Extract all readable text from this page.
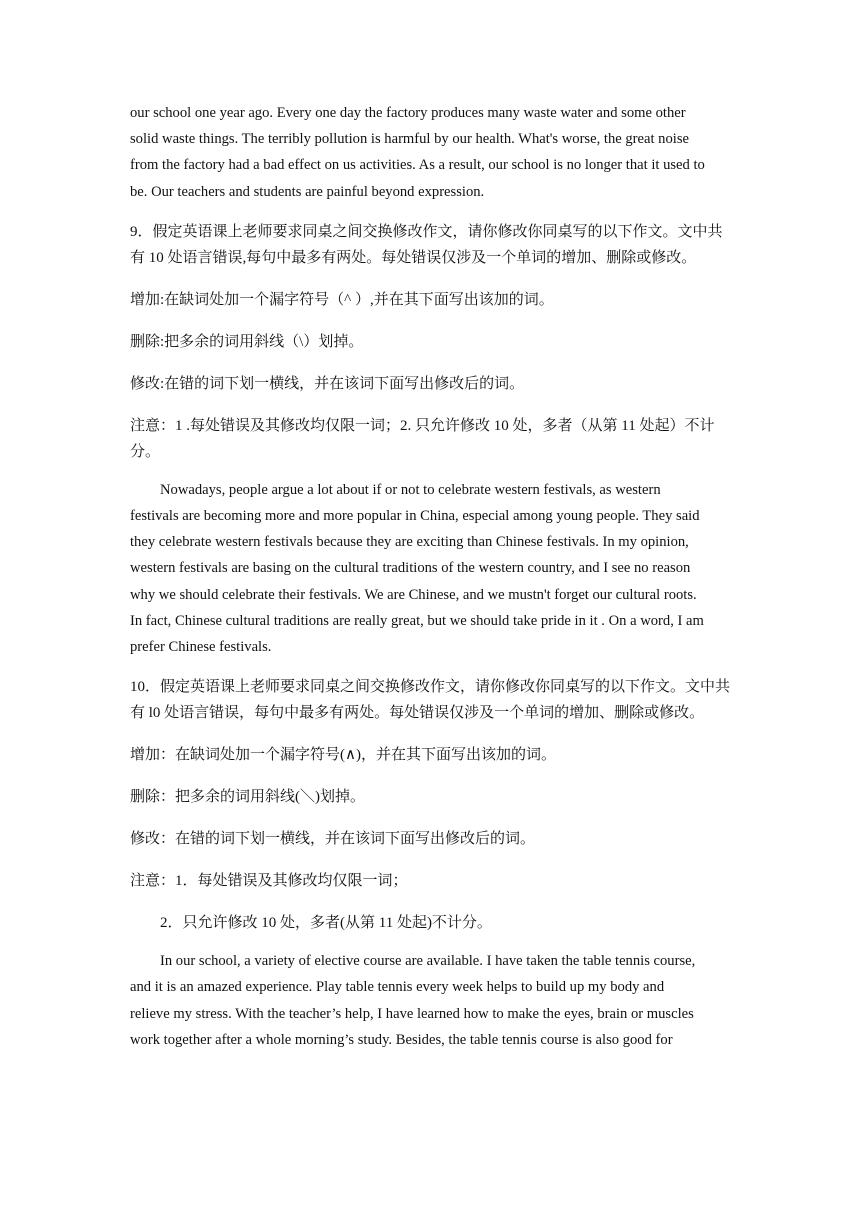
our school one year ago. Every one day the factory produces many waste water and some other
solid waste things. The terribly pollution is harmful by our health. What's worse, the great noise
from the factory had a bad effect on us activities. As a result, our school is no longer that it used to
be. Our teachers and students are painful beyond expression.
9．假定英语课上老师要求同桌之间交换修改作文，请你修改你同桌写的以下作文。文中共
有 10 处语言错误,每句中最多有两处。每处错误仅涉及一个单词的增加、删除或修改。
增加:在缺词处加一个漏字符号（^ ）,并在其下面写出该加的词。
删除:把多余的词用斜线（\）划掉。
修改:在错的词下划一横线，并在该词下面写出修改后的词。
注意：1 .每处错误及其修改均仅限一词；2. 只允许修改 10 处，多者（从第 11 处起）不计
分。
Nowadays, people argue a lot about if or not to celebrate western festivals, as western
festivals are becoming more and more popular in China, especial among young people. They said
they celebrate western festivals because they are exciting than Chinese festivals. In my opinion,
western festivals are basing on the cultural traditions of the western country, and I see no reason
why we should celebrate their festivals. We are Chinese, and we mustn't forget our cultural roots.
In fact, Chinese cultural traditions are really great, but we should take pride in it . On a word, I am
prefer Chinese festivals.
10．假定英语课上老师要求同桌之间交换修改作文，请你修改你同桌写的以下作文。文中共
有 l0 处语言错误，每句中最多有两处。每处错误仅涉及一个单词的增加、删除或修改。
增加：在缺词处加一个漏字符号(∧)，并在其下面写出该加的词。
删除：把多余的词用斜线(＼)划掉。
修改：在错的词下划一横线，并在该词下面写出修改后的词。
注意：1．每处错误及其修改均仅限一词；
2．只允许修改 10 处，多者(从第 11 处起)不计分。
In our school, a variety of elective course are available. I have taken the table tennis course,
and it is an amazed experience. Play table tennis every week helps to build up my body and
relieve my stress. With the teacher’s help, I have learned how to make the eyes, brain or muscles
work together after a whole morning’s study. Besides, the table tennis course is also good for
